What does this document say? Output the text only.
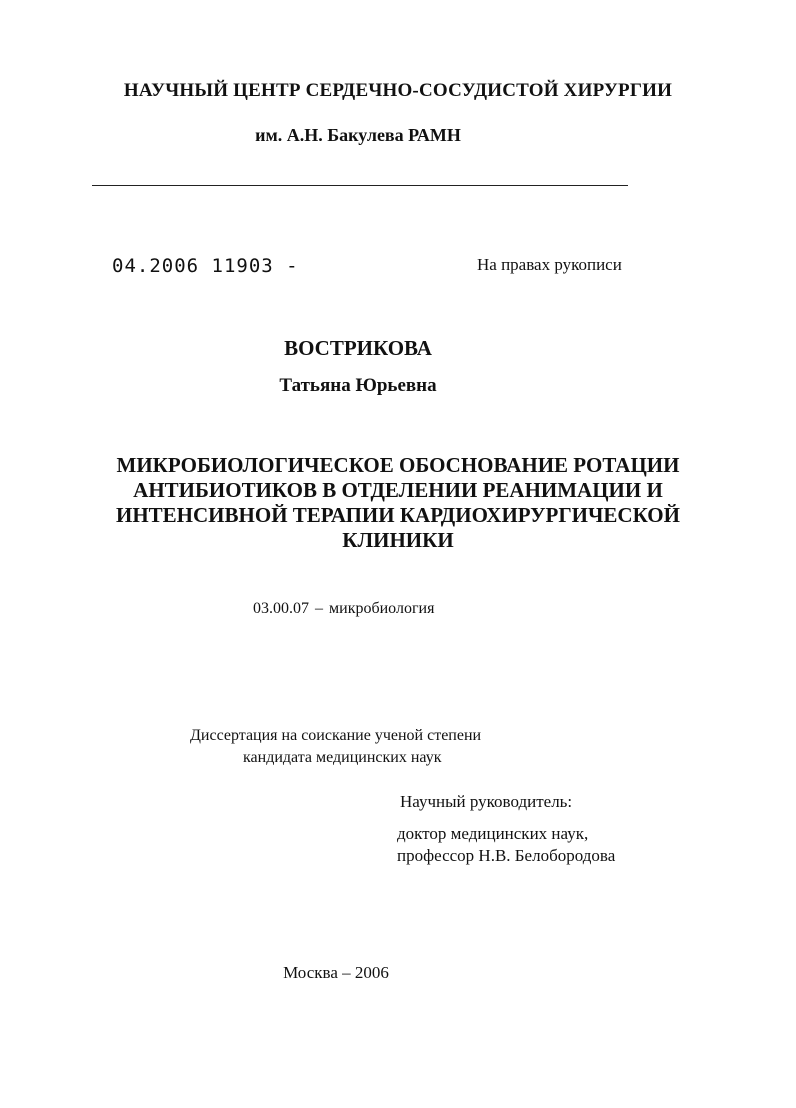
НАУЧНЫЙ ЦЕНТР СЕРДЕЧНО-СОСУДИСТОЙ ХИРУРГИИ
им. А.Н. Бакулева РАМН
04.2006 11903 -	На правах рукописи
ВОСТРИКОВА
Татьяна Юрьевна
МИКРОБИОЛОГИЧЕСКОЕ ОБОСНОВАНИЕ РОТАЦИИ
АНТИБИОТИКОВ В ОТДЕЛЕНИИ РЕАНИМАЦИИ И
ИНТЕНСИВНОЙ ТЕРАПИИ КАРДИОХИРУРГИЧЕСКОЙ
КЛИНИКИ
03.00.07 – микробиология
Диссертация на соискание ученой степени
кандидата медицинских наук
Научный руководитель:
доктор медицинских наук,
профессор Н.В. Белобородова
Москва – 2006
